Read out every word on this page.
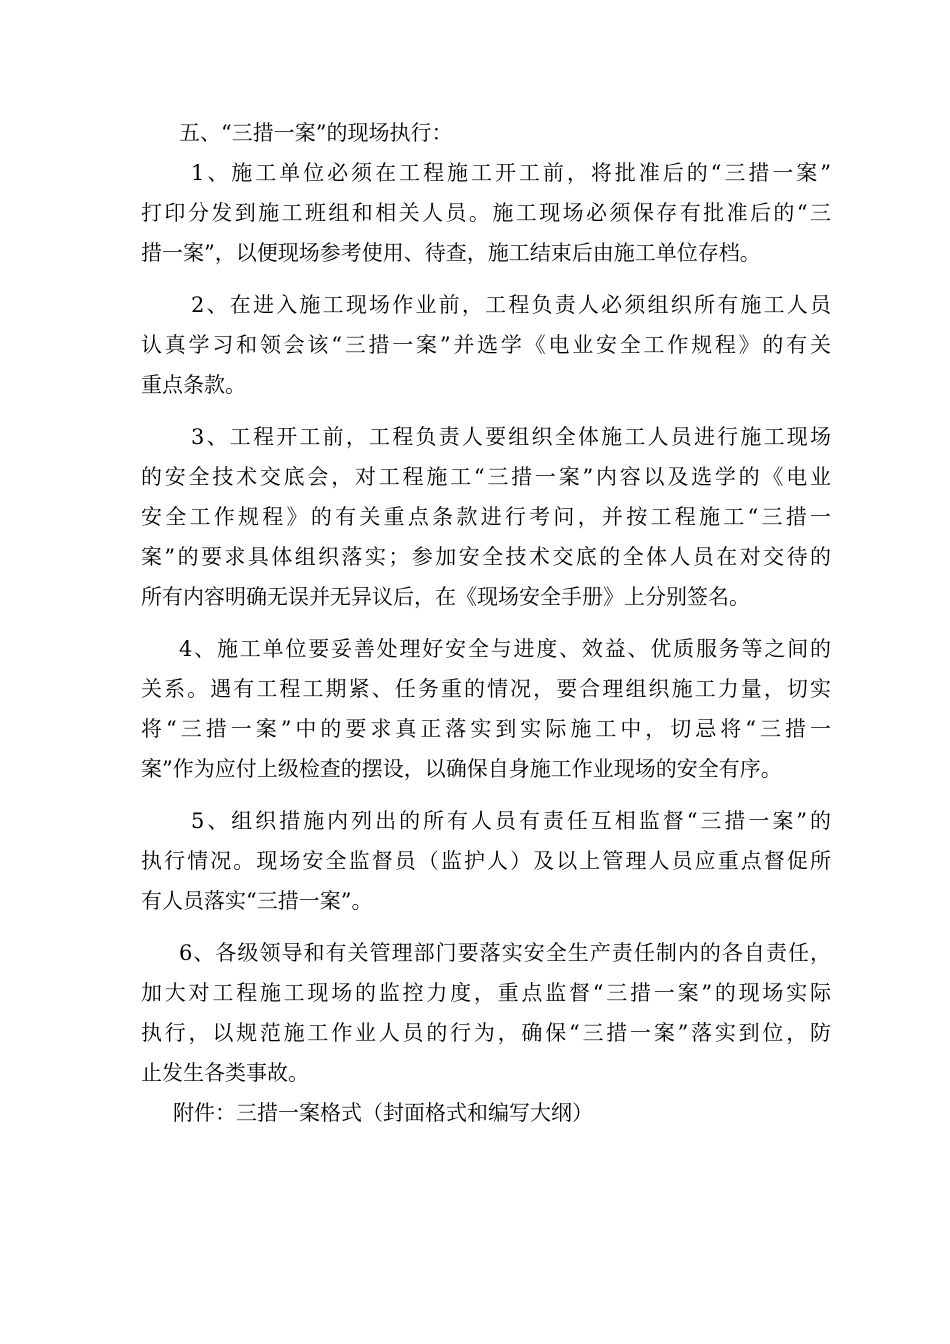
五、“三措一案”的现场执行：

1、施工单位必须在工程施工开工前，将批准后的“三措一案”
打印分发到施工班组和相关人员。施工现场必须保存有批准后的“三
措一案”，以便现场参考使用、待查，施工结束后由施工单位存档。

2、在进入施工现场作业前，工程负责人必须组织所有施工人员
认真学习和领会该“三措一案”并选学《电业安全工作规程》的有关
重点条款。

3、工程开工前，工程负责人要组织全体施工人员进行施工现场
的安全技术交底会，对工程施工“三措一案”内容以及选学的《电业
安全工作规程》的有关重点条款进行考问，并按工程施工“三措一
案”的要求具体组织落实；参加安全技术交底的全体人员在对交待的
所有内容明确无误并无异议后，在《现场安全手册》上分别签名。

4、施工单位要妥善处理好安全与进度、效益、优质服务等之间的
关系。遇有工程工期紧、任务重的情况，要合理组织施工力量，切实
将“三措一案”中的要求真正落实到实际施工中，切忌将“三措一
案”作为应付上级检查的摆设，以确保自身施工作业现场的安全有序。

5、组织措施内列出的所有人员有责任互相监督“三措一案”的
执行情况。现场安全监督员（监护人）及以上管理人员应重点督促所
有人员落实“三措一案”。

6、各级领导和有关管理部门要落实安全生产责任制内的各自责任，
加大对工程施工现场的监控力度，重点监督“三措一案”的现场实际
执行，以规范施工作业人员的行为，确保“三措一案”落实到位，防
止发生各类事故。

附件：三措一案格式（封面格式和编写大纲）
